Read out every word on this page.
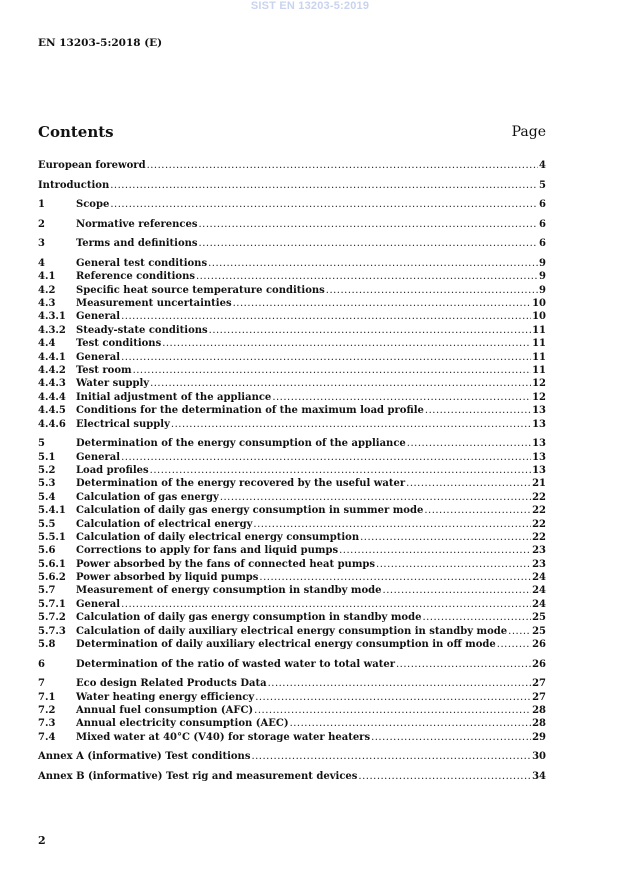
SIST EN 13203-5:2019
EN 13203-5:2018 (E)
Contents	Page
European foreword .....	4
Introduction .....	5
1	Scope .....	6
2	Normative references .....	6
3	Terms and definitions .....	6
4	General test conditions .....	9
4.1	Reference conditions .....	9
4.2	Specific heat source temperature conditions .....	9
4.3	Measurement uncertainties .....	10
4.3.1	General .....	10
4.3.2	Steady-state conditions .....	11
4.4	Test conditions .....	11
4.4.1	General .....	11
4.4.2	Test room .....	11
4.4.3	Water supply .....	12
4.4.4	Initial adjustment of the appliance .....	12
4.4.5	Conditions for the determination of the maximum load profile .....	13
4.4.6	Electrical supply .....	13
5	Determination of the energy consumption of the appliance .....	13
5.1	General .....	13
5.2	Load profiles .....	13
5.3	Determination of the energy recovered by the useful water .....	21
5.4	Calculation of gas energy .....	22
5.4.1	Calculation of daily gas energy consumption in summer mode .....	22
5.5	Calculation of electrical energy .....	22
5.5.1	Calculation of daily electrical energy consumption .....	22
5.6	Corrections to apply for fans and liquid pumps .....	23
5.6.1	Power absorbed by the fans of connected heat pumps .....	23
5.6.2	Power absorbed by liquid pumps .....	24
5.7	Measurement of energy consumption in standby mode .....	24
5.7.1	General .....	24
5.7.2	Calculation of daily gas energy consumption in standby mode .....	25
5.7.3	Calculation of daily auxiliary electrical energy consumption in standby mode ..... 25
5.8	Determination of daily auxiliary electrical energy consumption in off mode .....	26
6	Determination of the ratio of wasted water to total water .....	26
7	Eco design Related Products Data .....	27
7.1	Water heating energy efficiency .....	27
7.2	Annual fuel consumption (AFC) .....	28
7.3	Annual electricity consumption (AEC) .....	28
7.4	Mixed water at 40°C (V40) for storage water heaters .....	29
Annex A (informative) Test conditions .....	30
Annex B (informative) Test rig and measurement devices .....	34
2
